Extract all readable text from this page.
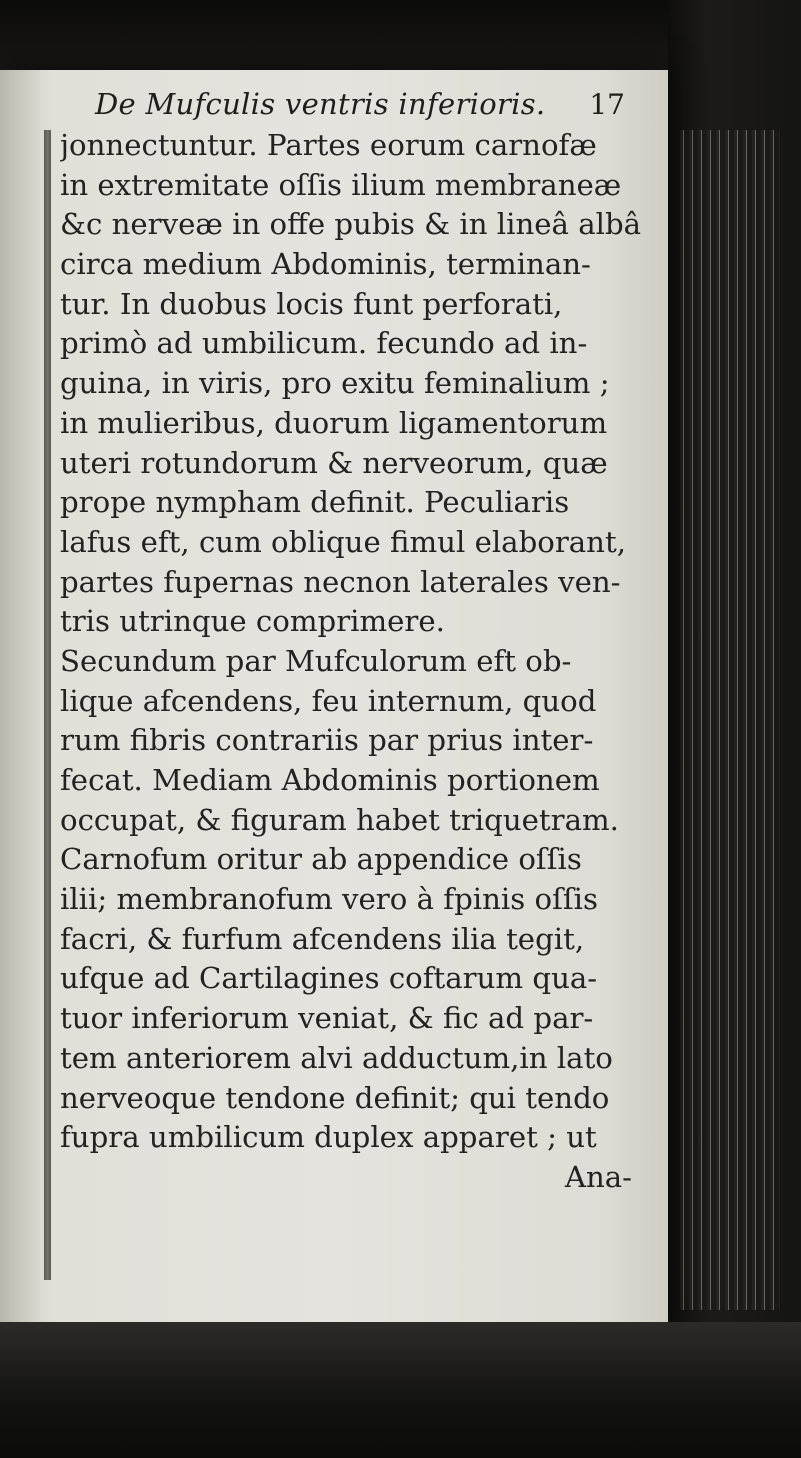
De Mufculis ventris inferioris. 17
jonnectuntur. Partes eorum carnofæ
in extremitate oſſis ilium membraneæ
&c nerveæ in offe pubis & in lineâ albâ
circa medium Abdominis, terminan-
tur. In duobus locis funt perforati,
primò ad umbilicum. fecundo ad in-
guina, in viris, pro exitu feminalium ;
in mulieribus, duorum ligamentorum
uteri rotundorum & nerveorum, quæ
prope nympham definit. Peculiaris
lafus eft, cum oblique fimul elaborant,
partes fupernas necnon laterales ven-
tris utrinque comprimere.
Secundum par Mufculorum eft ob-
lique afcendens, feu internum, quod
rum fibris contrariis par prius inter-
fecat. Mediam Abdominis portionem
occupat, & figuram habet triquetram.
Carnofum oritur ab appendice oſſis
ilii; membranofum vero à fpinis oſſis
facri, & furfum afcendens ilia tegit,
ufque ad Cartilagines coftarum qua-
tuor inferiorum veniat, & fic ad par-
tem anteriorem alvi adductum,in lato
nerveoque tendone definit; qui tendo
fupra umbilicum duplex apparet ; ut
Ana-
